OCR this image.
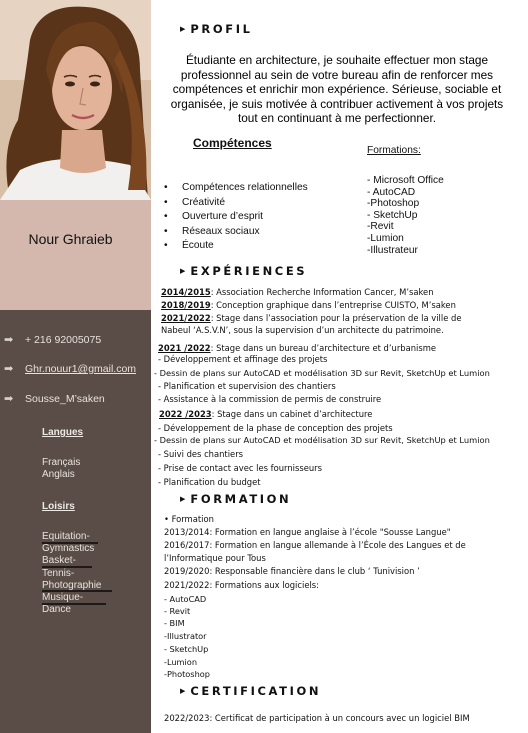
Nour Ghraieb
➡ + 216 92005075
➡ Ghr.nouur1@gmail.com
➡ Sousse_M’saken
Langues
Français
Anglais
Loisirs
Equitation-
Gymnastics
Basket-
Tennis-
Photographie
Musique-
Dance
▶ PROFIL
Étudiante en architecture, je souhaite effectuer mon stage professionnel au sein de votre bureau afin de renforcer mes compétences et enrichir mon expérience. Sérieuse, sociable et organisée, je suis motivée à contribuer activement à vos projets tout en continuant à me perfectionner.
Compétences
• Compétences relationnelles
• Créativité
• Ouverture d’esprit
• Réseaux sociaux
• Écoute
Formations:
- Microsoft Office
- AutoCAD
-Photoshop
- SketchUp
-Revit
-Lumion
-Illustrateur
▶ EXPÉRIENCES
2014/2015: Association Recherche Information Cancer, M’saken
2018/2019: Conception graphique dans l’entreprise CUISTO, M’saken
2021/2022: Stage dans l’association pour la préservation de la ville de
Nabeul ‘A.S.V.N’, sous la supervision d’un architecte du patrimoine.
2021 /2022: Stage dans un bureau d’architecture et d’urbanisme
- Développement et affinage des projets
- Dessin de plans sur AutoCAD et modélisation 3D sur Revit, SketchUp et Lumion
- Planification et supervision des chantiers
- Assistance à la commission de permis de construire
2022 /2023: Stage dans un cabinet d’architecture
- Développement de la phase de conception des projets
- Dessin de plans sur AutoCAD et modélisation 3D sur Revit, SketchUp et Lumion
- Suivi des chantiers
- Prise de contact avec les fournisseurs
- Planification du budget
▶ FORMATION
• Formation
2013/2014: Formation en langue anglaise à l’école "Sousse Langue"
2016/2017: Formation en langue allemande à l’École des Langues et de
l’Informatique pour Tous
2019/2020: Responsable financière dans le club ‘ Tunivision ’
2021/2022: Formations aux logiciels:
- AutoCAD
- Revit
- BIM
-Illustrator
- SketchUp
-Lumion
-Photoshop
▶ CERTIFICATION
2022/2023: Certificat de participation à un concours avec un logiciel BIM
